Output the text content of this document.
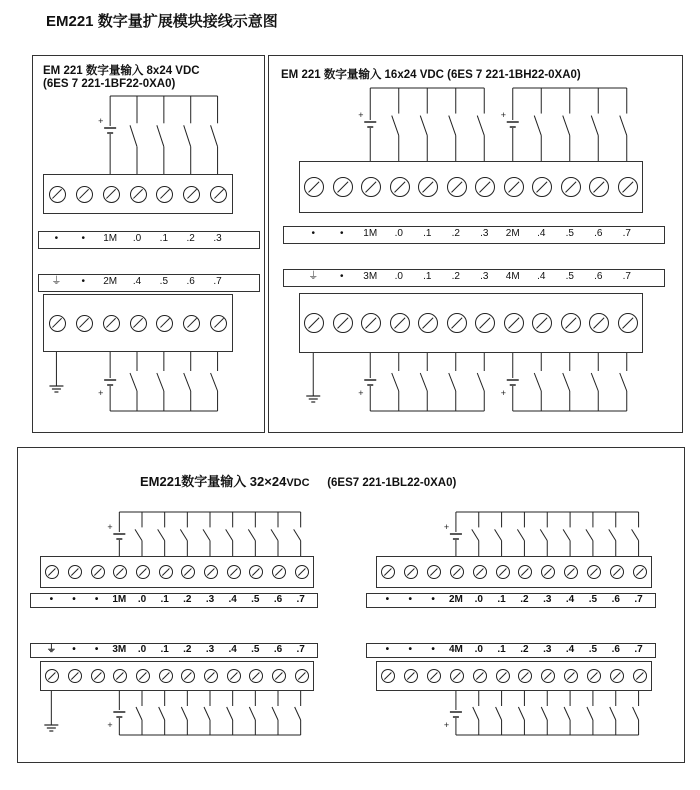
EM221 数字量扩展模块接线示意图
EM 221 数字量输入 8x24 VDC
(6ES 7 221-1BF22-0XA0)
+
+
• • 1M .0 .1 .2 .3
⏚ • 2M .4 .5 .6 .7
EM 221 数字量输入 16x24 VDC (6ES 7 221-1BH22-0XA0)
+	+
+	+
• • 1M .0 .1 .2 .3 2M .4 .5 .6 .7
⏚ • 3M .0 .1 .2 .3 4M .4 .5 .6 .7
EM221数字量输入 32×24VDC (6ES7 221-1BL22-0XA0)
+
+
+
+
• • • 1M .0 .1 .2 .3 .4 .5 .6 .7
⏚ • • 3M .0 .1 .2 .3 .4 .5 .6 .7
• • • 2M .0 .1 .2 .3 .4 .5 .6 .7
• • • 4M .0 .1 .2 .3 .4 .5 .6 .7
